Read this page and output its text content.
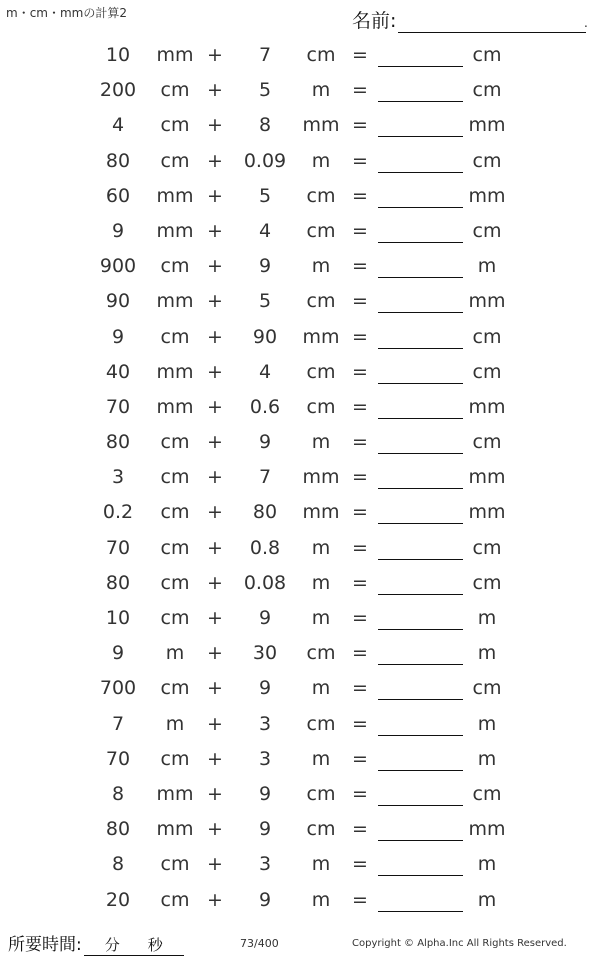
m・cm・mmの計算2	名前:	.
10	mm +	7	cm =	cm
200	cm +	5	m	=	cm
4	cm +	8	mm =	mm
80	cm +	0.09	m	=	cm
60	mm +	5	cm =	mm
9	mm +	4	cm =	cm
900	cm +	9	m	=	m
90	mm +	5	cm =	mm
9	cm +	90	mm =	cm
40	mm +	4	cm =	cm
70	mm +	0.6	cm =	mm
80	cm +	9	m	=	cm
3	cm +	7	mm =	mm
0.2	cm +	80	mm =	mm
70	cm +	0.8	m	=	cm
80	cm +	0.08	m	=	cm
10	cm +	9	m	=	m
9	m	+	30	cm =	m
700	cm +	9	m	=	cm
7	m	+	3	cm =	m
70	cm +	3	m	=	m
8	mm +	9	cm =	cm
80	mm +	9	cm =	mm
8	cm +	3	m	=	m
20	cm +	9	m	=	m
所要時間: 分 秒	73/400	Copyright © Alpha.Inc All Rights Reserved.
